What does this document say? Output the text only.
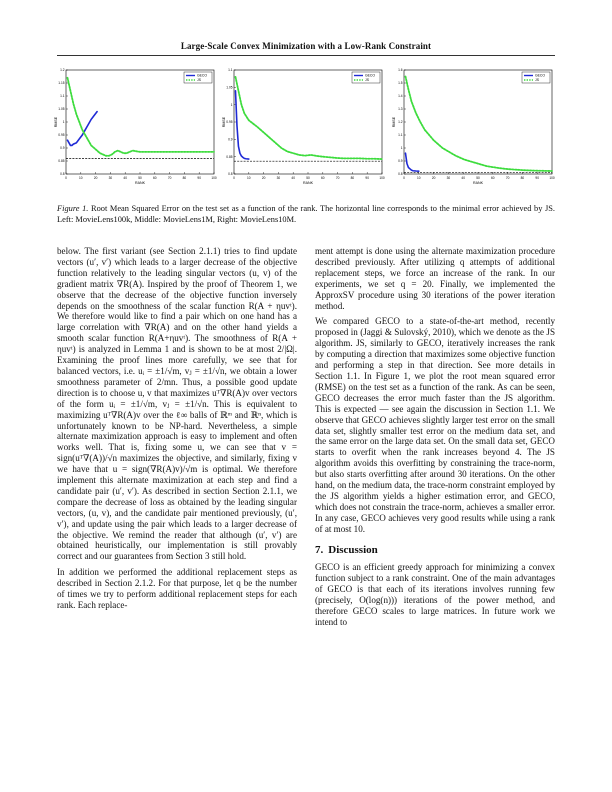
Large-Scale Convex Minimization with a Low-Rank Constraint
0	10	20	30	40	50	60	70	80	90	100
0.8
0.85
0.9
0.95
1
1.05
1.1
1.15
1.2
RANK
RMSE
GECO
JS
0	10	20	30	40	50	60	70	80	90	100
0.8
0.85
0.9
0.95
1
1.05
1.1
RANK
RMSE
GECO
JS
0	10	20	30	40	50	60	70	80	90	100
0.8
0.9
1
1.1
1.2
1.3
1.4
1.5
1.6
RANK
RMSE
GECO
JS
Figure 1. Root Mean Squared Error on the test set as a function of the rank. The horizontal line corresponds to the minimal error achieved by JS. Left: MovieLens100k, Middle: MovieLens1M, Right: MovieLens10M.

below. The first variant (see Section 2.1.1) tries to find update vectors (u′, v′) which leads to a larger decrease of the objective function relatively to the leading singular vectors (u, v) of the gradient matrix ∇R(A). Inspired by the proof of Theorem 1, we observe that the decrease of the objective function inversely depends on the smoothness of the scalar function R(A + ηuvᵗ). We therefore would like to find a pair which on one hand has a large correlation with ∇R(A) and on the other hand yields a smooth scalar function R(A+ηuvᵗ). The smoothness of R(A + ηuvᵗ) is analyzed in Lemma 1 and is shown to be at most 2/|Ω|. Examining the proof lines more carefully, we see that for balanced vectors, i.e. uᵢ = ±1/√m, vⱼ = ±1/√n, we obtain a lower smoothness parameter of 2/mn. Thus, a possible good update direction is to choose u, v that maximizes uᵀ∇R(A)v over vectors of the form uᵢ = ±1/√m, vⱼ = ±1/√n. This is equivalent to maximizing uᵀ∇R(A)v over the ℓ∞ balls of ℝᵐ and ℝⁿ, which is unfortunately known to be NP-hard. Nevertheless, a simple alternate maximization approach is easy to implement and often works well. That is, fixing some u, we can see that v = sign(uᵀ∇(A))/√n maximizes the objective, and similarly, fixing v we have that u = sign(∇R(A)v)/√m is optimal. We therefore implement this alternate maximization at each step and find a candidate pair (u′, v′). As described in section Section 2.1.1, we compare the decrease of loss as obtained by the leading singular vectors, (u, v), and the candidate pair mentioned previously, (u′, v′), and update using the pair which leads to a larger decrease of the objective. We remind the reader that although (u′, v′) are obtained heuristically, our implementation is still provably correct and our guarantees from Section 3 still hold.

In addition we performed the additional replacement steps as described in Section 2.1.2. For that purpose, let q be the number of times we try to perform additional replacement steps for each rank. Each replace-

ment attempt is done using the alternate maximization procedure described previously. After utilizing q attempts of additional replacement steps, we force an increase of the rank. In our experiments, we set q = 20. Finally, we implemented the ApproxSV procedure using 30 iterations of the power iteration method.

We compared GECO to a state-of-the-art method, recently proposed in (Jaggi & Sulovský, 2010), which we denote as the JS algorithm. JS, similarly to GECO, iteratively increases the rank by computing a direction that maximizes some objective function and performing a step in that direction. See more details in Section 1.1. In Figure 1, we plot the root mean squared error (RMSE) on the test set as a function of the rank. As can be seen, GECO decreases the error much faster than the JS algorithm. This is expected — see again the discussion in Section 1.1. We observe that GECO achieves slightly larger test error on the small data set, slightly smaller test error on the medium data set, and the same error on the large data set. On the small data set, GECO starts to overfit when the rank increases beyond 4. The JS algorithm avoids this overfitting by constraining the trace-norm, but also starts overfitting after around 30 iterations. On the other hand, on the medium data, the trace-norm constraint employed by the JS algorithm yields a higher estimation error, and GECO, which does not constrain the trace-norm, achieves a smaller error. In any case, GECO achieves very good results while using a rank of at most 10.

7. Discussion

GECO is an efficient greedy approach for minimizing a convex function subject to a rank constraint. One of the main advantages of GECO is that each of its iterations involves running few (precisely, O(log(n))) iterations of the power method, and therefore GECO scales to large matrices. In future work we intend to
